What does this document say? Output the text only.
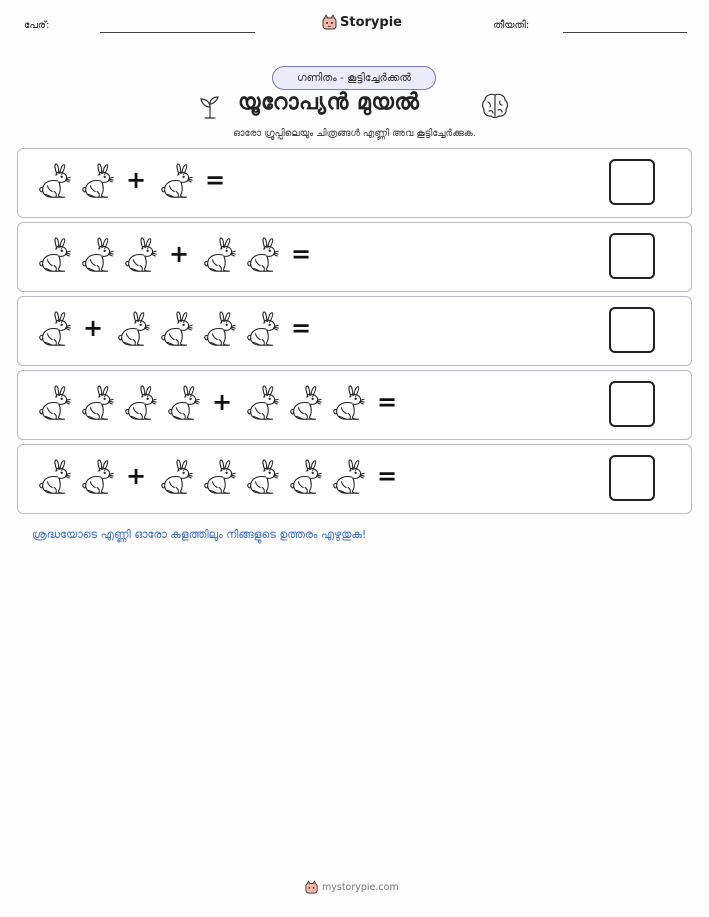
പേര്:	Storypie	തീയതി:
ഗണിതം - കൂട്ടിച്ചേർക്കൽ
യൂറോപ്യൻ മുയൽ
ഓരോ ഗ്രൂപ്പിലെയും ചിത്രങ്ങൾ എണ്ണി അവ കൂട്ടിച്ചേർക്കുക.
+ =
+	=
+	=
+	=
+	=
ശ്രദ്ധയോടെ എണ്ണി ഓരോ കളത്തിലും നിങ്ങളുടെ ഉത്തരം എഴുതുക!
mystorypie.com
